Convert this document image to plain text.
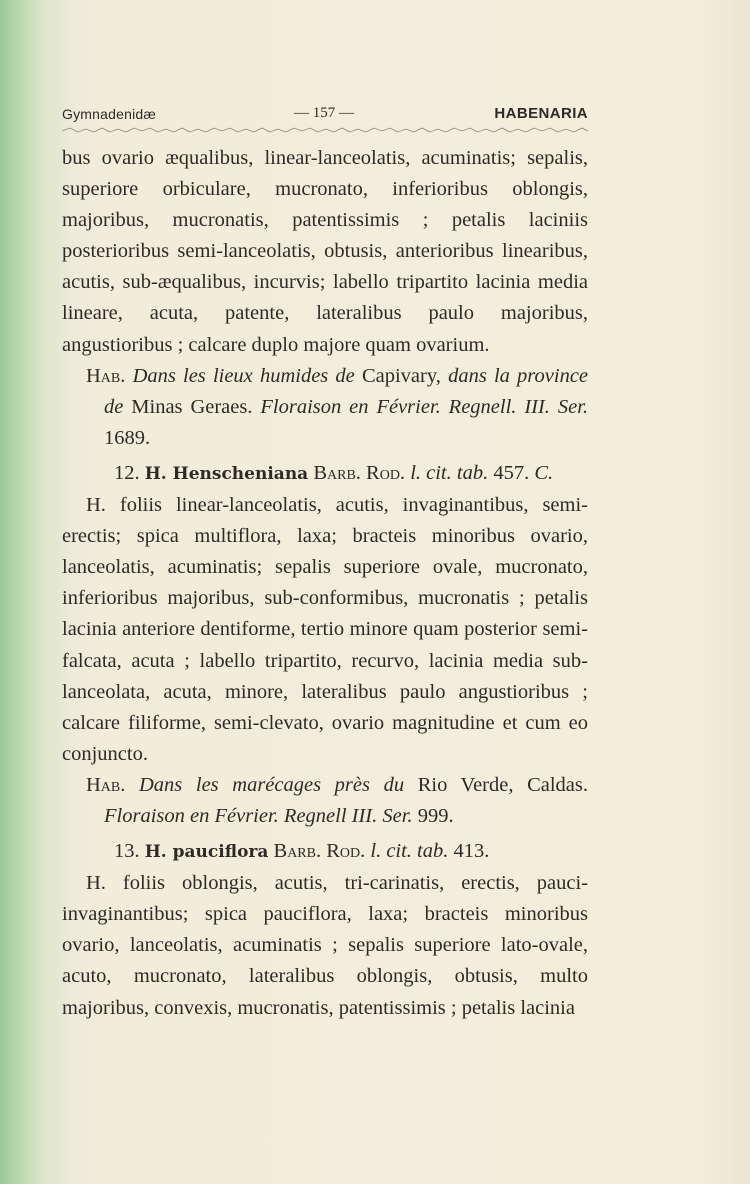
Gymnadenidæ	— 157 —	HABENARIA

bus ovario æqualibus, linear-lanceolatis, acuminatis; sepalis, superiore orbiculare, mucronato, inferioribus oblongis, majoribus, mucronatis, patentissimis ; petalis laciniis posterioribus semi-lanceolatis, obtusis, anterioribus linearibus, acutis, sub-æqualibus, incurvis; labello tripartito lacinia media lineare, acuta, patente, lateralibus paulo majoribus, angustioribus ; calcare duplo majore quam ovarium.

Hab. Dans les lieux humides de Capivary, dans la province de Minas Geraes. Floraison en Février. Regnell. III. Ser. 1689.

12. H. Henscheniana Barb. Rod. l. cit. tab. 457. C.

H. foliis linear-lanceolatis, acutis, invaginantibus, semi-erectis; spica multiflora, laxa; bracteis minoribus ovario, lanceolatis, acuminatis; sepalis superiore ovale, mucronato, inferioribus majoribus, sub-conformibus, mucronatis ; petalis lacinia anteriore dentiforme, tertio minore quam posterior semi-falcata, acuta ; labello tripartito, recurvo, lacinia media sub-lanceolata, acuta, minore, lateralibus paulo angustioribus ; calcare filiforme, semi-clevato, ovario magnitudine et cum eo conjuncto.

Hab. Dans les marécages près du Rio Verde, Caldas. Floraison en Février. Regnell III. Ser. 999.

13. H. pauciflora Barb. Rod. l. cit. tab. 413.

H. foliis oblongis, acutis, tri-carinatis, erectis, pauci-invaginantibus; spica pauciflora, laxa; bracteis minoribus ovario, lanceolatis, acuminatis ; sepalis superiore lato-ovale, acuto, mucronato, lateralibus oblongis, obtusis, multo majoribus, convexis, mucronatis, patentissimis ; petalis lacinia
